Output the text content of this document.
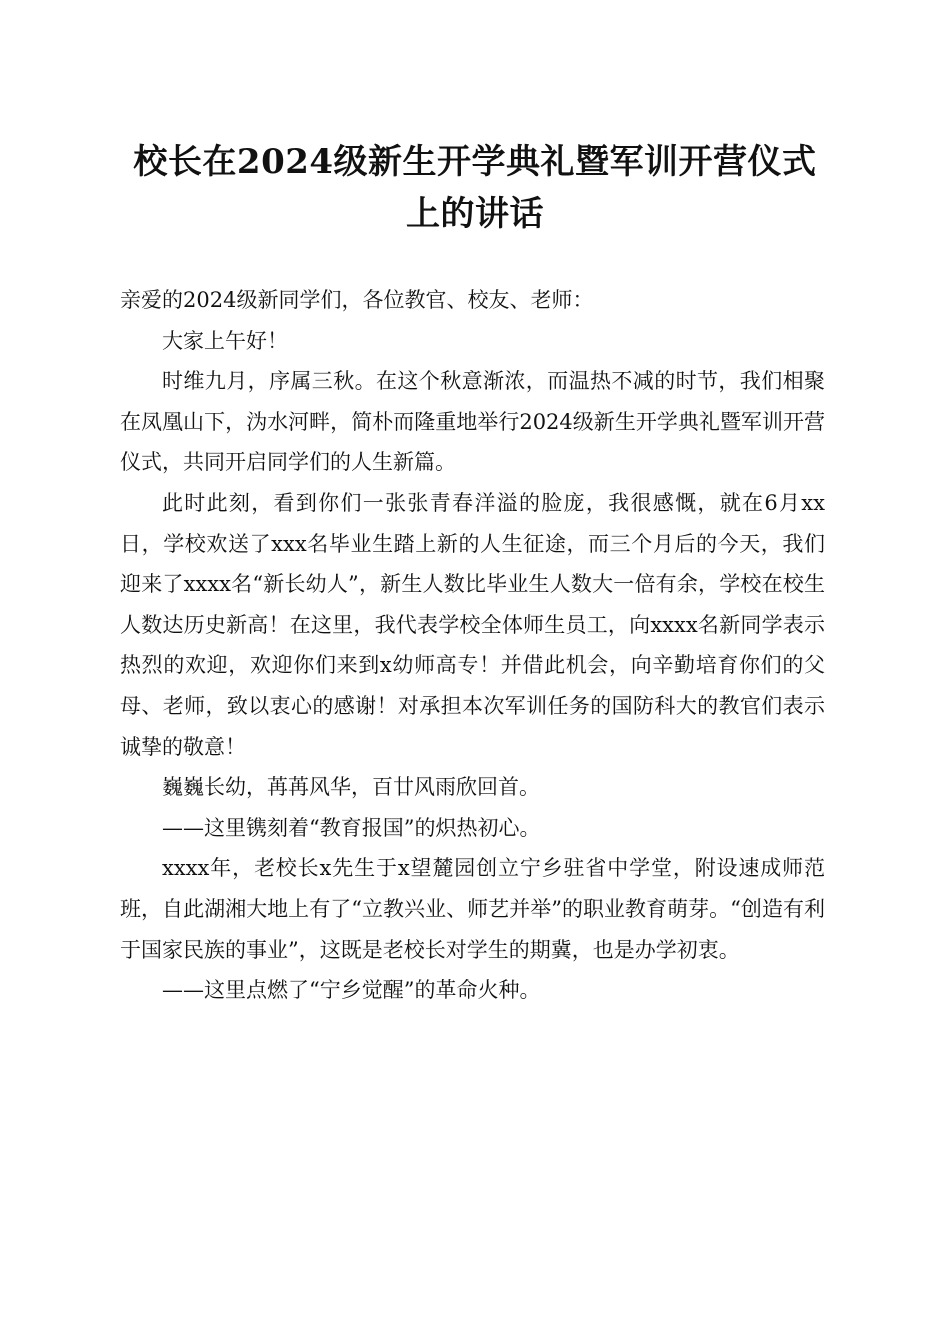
校长在2024级新生开学典礼暨军训开营仪式
上的讲话

亲爱的2024级新同学们，各位教官、校友、老师：

大家上午好！

时维九月，序属三秋。在这个秋意渐浓，而温热不减的时节，我们相聚在凤凰山下，沩水河畔，简朴而隆重地举行2024级新生开学典礼暨军训开营仪式，共同开启同学们的人生新篇。

此时此刻，看到你们一张张青春洋溢的脸庞，我很感慨，就在6月xx日，学校欢送了xxx名毕业生踏上新的人生征途，而三个月后的今天，我们迎来了xxxx名“新长幼人”，新生人数比毕业生人数大一倍有余，学校在校生人数达历史新高！在这里，我代表学校全体师生员工，向xxxx名新同学表示热烈的欢迎，欢迎你们来到x幼师高专！并借此机会，向辛勤培育你们的父母、老师，致以衷心的感谢！对承担本次军训任务的国防科大的教官们表示诚挚的敬意！

巍巍长幼，苒苒风华，百廿风雨欣回首。

——这里镌刻着“教育报国”的炽热初心。

xxxx年，老校长x先生于x望麓园创立宁乡驻省中学堂，附设速成师范班，自此湖湘大地上有了“立教兴业、师艺并举”的职业教育萌芽。“创造有利于国家民族的事业”，这既是老校长对学生的期冀，也是办学初衷。

——这里点燃了“宁乡觉醒”的革命火种。
